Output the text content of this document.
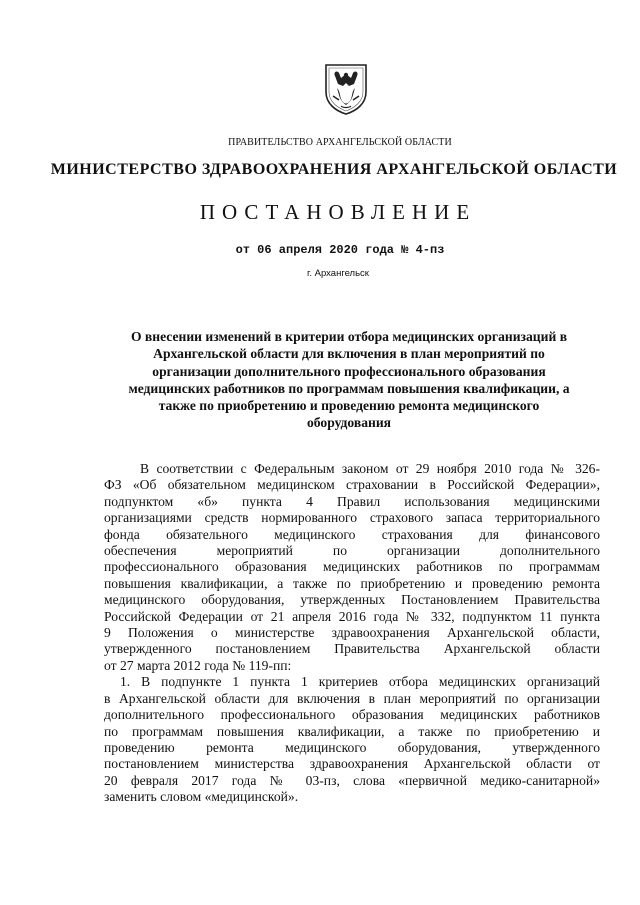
ПРАВИТЕЛЬСТВО АРХАНГЕЛЬСКОЙ ОБЛАСТИ
МИНИСТЕРСТВО ЗДРАВООХРАНЕНИЯ АРХАНГЕЛЬСКОЙ ОБЛАСТИ
ПОСТАНОВЛЕНИЕ
от 06 апреля 2020 года № 4-пз
г. Архангельск
О внесении изменений в критерии отбора медицинских организаций в
Архангельской области для включения в план мероприятий по
организации дополнительного профессионального образования
медицинских работников по программам повышения квалификации, а
также по приобретению и проведению ремонта медицинского
оборудования
В соответствии с Федеральным законом от 29 ноября 2010 года № 326-
ФЗ «Об обязательном медицинском страховании в Российской Федерации»,
подпунктом «б» пункта 4 Правил использования медицинскими
организациями средств нормированного страхового запаса территориального
фонда обязательного медицинского страхования для финансового
обеспечения мероприятий по организации дополнительного
профессионального образования медицинских работников по программам
повышения квалификации, а также по приобретению и проведению ремонта
медицинского оборудования, утвержденных Постановлением Правительства
Российской Федерации от 21 апреля 2016 года № 332, подпунктом 11 пункта
9 Положения о министерстве здравоохранения Архангельской области,
утвержденного постановлением Правительства Архангельской области
от 27 марта 2012 года № 119-пп:
1. В подпункте 1 пункта 1 критериев отбора медицинских организаций
в Архангельской области для включения в план мероприятий по организации
дополнительного профессионального образования медицинских работников
по программам повышения квалификации, а также по приобретению и
проведению ремонта медицинского оборудования, утвержденного
постановлением министерства здравоохранения Архангельской области от
20 февраля 2017 года № 03-пз, слова «первичной медико-санитарной»
заменить словом «медицинской».
